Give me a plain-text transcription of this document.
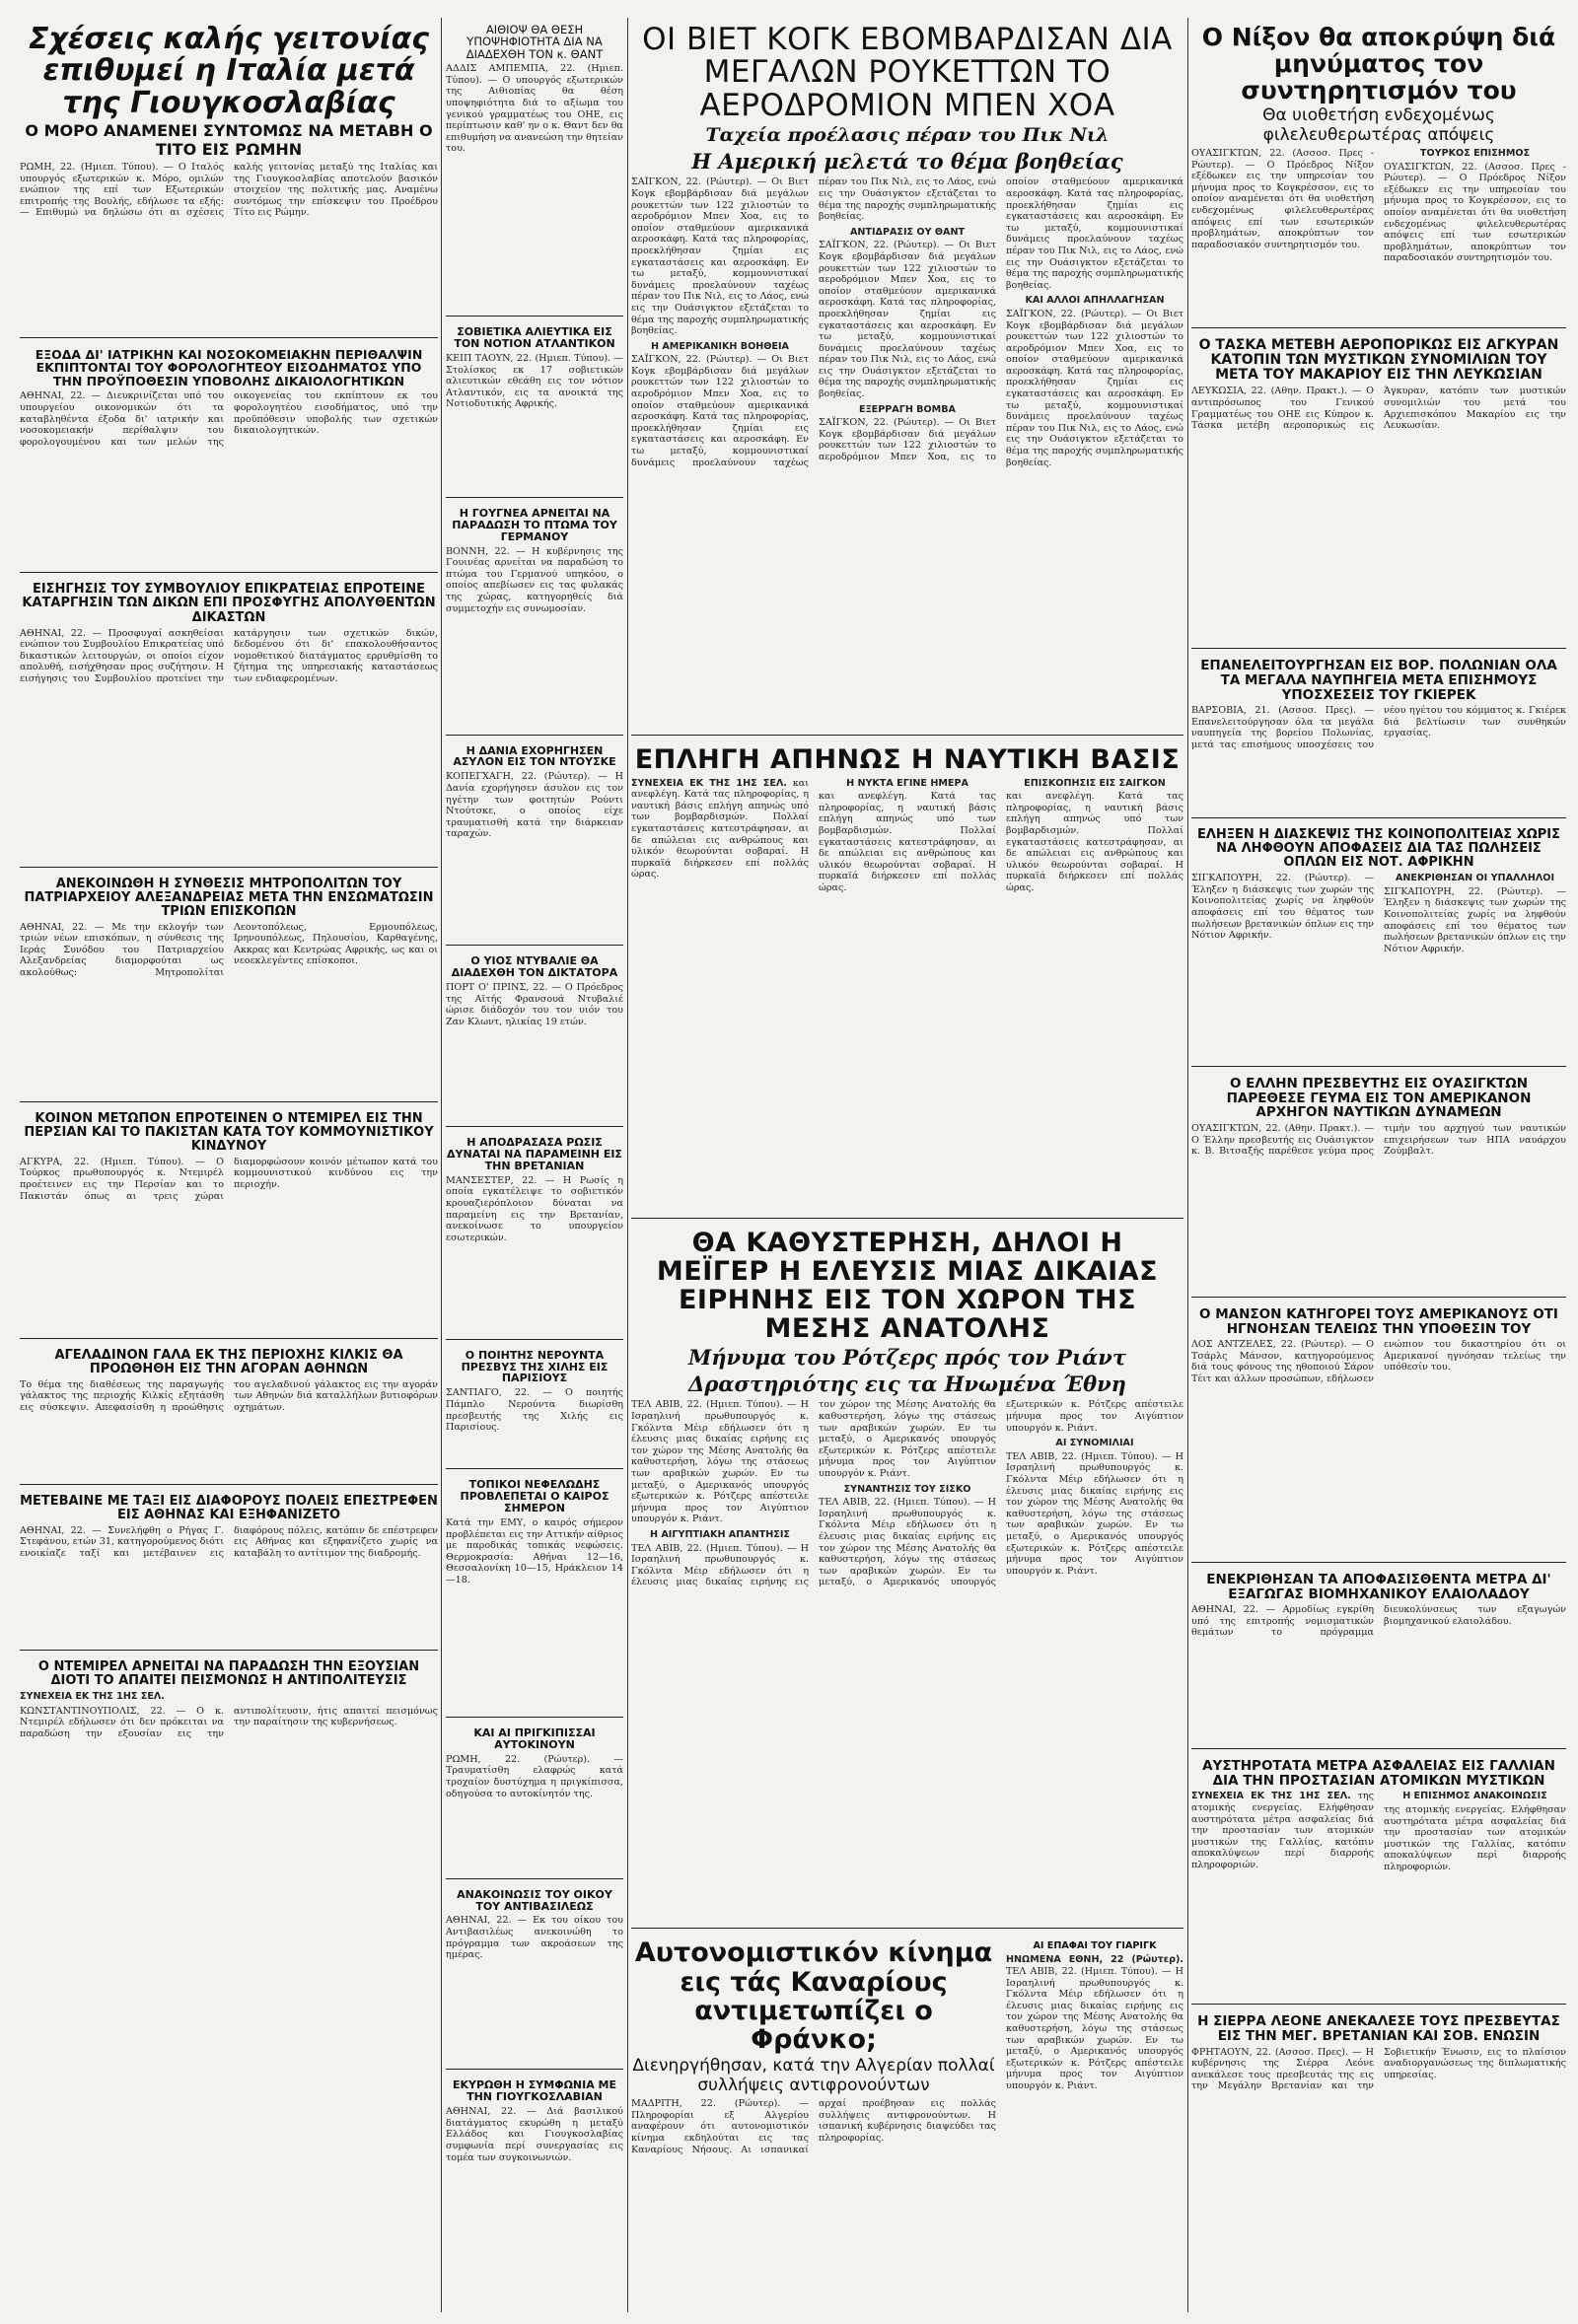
Σχέσεις καλής γειτονίας επιθυμεί η Ιταλία μετά της Γιουγκοσλαβίας
Ο ΜΟΡΟ ΑΝΑΜΕΝΕΙ ΣΥΝΤΟΜΩΣ ΝΑ ΜΕΤΑΒΗ Ο ΤΙΤΟ ΕΙΣ ΡΩΜΗΝ
ΡΩΜΗ, 22. (Ημιεπ. Τύπου). — Ο Ιταλός υπουργός εξωτερικών κ. Μόρο, ομιλών ενώπιον της επί των Εξωτερικών επιτροπής της Βουλής, εδήλωσε τα εξής: — Επιθυμώ να δηλώσω ότι αι σχέσεις καλής γειτονίας μεταξύ της Ιταλίας και της Γιουγκοσλαβίας αποτελούν βασικόν στοιχείον της πολιτικής μας. Αναμένω συντόμως την επίσκεψιν του Προέδρου Τίτο εις Ρώμην.
ΕΞΟΔΑ ΔΙ' ΙΑΤΡΙΚΗΝ ΚΑΙ ΝΟΣΟΚΟΜΕΙΑΚΗΝ ΠΕΡΙΘΑΛΨΙΝ ΕΚΠΙΠΤΟΝΤΑΙ ΤΟΥ ΦΟΡΟΛΟΓΗΤΕΟΥ ΕΙΣΟΔΗΜΑΤΟΣ ΥΠΟ ΤΗΝ ΠΡΟΫΠΟΘΕΣΙΝ ΥΠΟΒΟΛΗΣ ΔΙΚΑΙΟΛΟΓΗΤΙΚΩΝ
ΑΘΗΝΑΙ, 22. — Διευκρινίζεται υπό του υπουργείου οικονομικών ότι τα καταβληθέντα έξοδα δι' ιατρικήν και νοσοκομειακήν περίθαλψιν του φορολογουμένου και των μελών της οικογενείας του εκπίπτουν εκ του φορολογητέου εισοδήματος, υπό την προϋπόθεσιν υποβολής των σχετικών δικαιολογητικών.
ΕΙΣΗΓΗΣΙΣ ΤΟΥ ΣΥΜΒΟΥΛΙΟΥ ΕΠΙΚΡΑΤΕΙΑΣ ΕΠΡΟΤΕΙΝΕ ΚΑΤΑΡΓΗΣΙΝ ΤΩΝ ΔΙΚΩΝ ΕΠΙ ΠΡΟΣΦΥΓΗΣ ΑΠΟΛΥΘΕΝΤΩΝ ΔΙΚΑΣΤΩΝ
ΑΘΗΝΑΙ, 22. — Προσφυγαί ασκηθείσαι ενώπιον του Συμβουλίου Επικρατείας υπό δικαστικών λειτουργών, οι οποίοι είχον απολυθή, εισήχθησαν προς συζήτησιν. Η εισήγησις του Συμβουλίου προτείνει την κατάργησιν των σχετικών δικών, δεδομένου ότι δι' επακολουθήσαντος νομοθετικού διατάγματος ερρυθμίσθη το ζήτημα της υπηρεσιακής καταστάσεως των ενδιαφερομένων.
ΑΝΕΚΟΙΝΩΘΗ Η ΣΥΝΘΕΣΙΣ ΜΗΤΡΟΠΟΛΙΤΩΝ ΤΟΥ ΠΑΤΡΙΑΡΧΕΙΟΥ ΑΛΕΞΑΝΔΡΕΙΑΣ ΜΕΤΑ ΤΗΝ ΕΝΣΩΜΑΤΩΣΙΝ ΤΡΙΩΝ ΕΠΙΣΚΟΠΩΝ
ΑΘΗΝΑΙ, 22. — Με την εκλογήν των τριών νέων επισκόπων, η σύνθεσις της Ιεράς Συνόδου του Πατριαρχείου Αλεξανδρείας διαμορφούται ως ακολούθως: Μητροπολίται Λεοντοπόλεως, Ερμουπόλεως, Ιρηνουπόλεως, Πηλουσίου, Καρθαγένης, Ακκρας και Κεντρώας Αφρικής, ως και οι νεοεκλεγέντες επίσκοποι.
ΚΟΙΝΟΝ ΜΕΤΩΠΟΝ ΕΠΡΟΤΕΙΝΕΝ Ο ΝΤΕΜΙΡΕΛ ΕΙΣ ΤΗΝ ΠΕΡΣΙΑΝ ΚΑΙ ΤΟ ΠΑΚΙΣΤΑΝ ΚΑΤΑ ΤΟΥ ΚΟΜΜΟΥΝΙΣΤΙΚΟΥ ΚΙΝΔΥΝΟΥ
ΑΓΚΥΡΑ, 22. (Ημιεπ. Τύπου). — Ο Τούρκος πρωθυπουργός κ. Ντεμιρέλ προέτεινεν εις την Περσίαν και το Πακιστάν όπως αι τρεις χώραι διαμορφώσουν κοινόν μέτωπον κατά του κομμουνιστικού κινδύνου εις την περιοχήν.
ΑΓΕΛΑΔΙΝΟΝ ΓΑΛΑ ΕΚ ΤΗΣ ΠΕΡΙΟΧΗΣ ΚΙΛΚΙΣ ΘΑ ΠΡΟΩΘΗΘΗ ΕΙΣ ΤΗΝ ΑΓΟΡΑΝ ΑΘΗΝΩΝ
Το θέμα της διαθέσεως της παραγωγής γάλακτος της περιοχής Κιλκίς εξητάσθη εις σύσκεψιν. Απεφασίσθη η προώθησις του αγελαδινού γάλακτος εις την αγοράν των Αθηνών διά καταλλήλων βυτιοφόρων οχημάτων.
ΜΕΤΕΒΑΙΝΕ ΜΕ ΤΑΞΙ ΕΙΣ ΔΙΑΦΟΡΟΥΣ ΠΟΛΕΙΣ ΕΠΕΣΤΡΕΦΕΝ ΕΙΣ ΑΘΗΝΑΣ ΚΑΙ ΕΞΗΦΑΝΙΖΕΤΟ
ΑΘΗΝΑΙ, 22. — Συνελήφθη ο Ρήγας Γ. Στεφάνου, ετών 31, κατηγορούμενος διότι ενοικίαζε ταξί και μετέβαινεν εις διαφόρους πόλεις, κατόπιν δε επέστρεφεν εις Αθήνας και εξηφανίζετο χωρίς να καταβάλη το αντίτιμον της διαδρομής.
Ο ΝΤΕΜΙΡΕΛ ΑΡΝΕΙΤΑΙ ΝΑ ΠΑΡΑΔΩΣΗ ΤΗΝ ΕΞΟΥΣΙΑΝ ΔΙΟΤΙ ΤΟ ΑΠΑΙΤΕΙ ΠΕΙΣΜΟΝΩΣ Η ΑΝΤΙΠΟΛΙΤΕΥΣΙΣ
ΣΥΝΕΧΕΙΑ ΕΚ ΤΗΣ 1ΗΣ ΣΕΛ.
ΚΩΝΣΤΑΝΤΙΝΟΥΠΟΛΙΣ, 22. — Ο κ. Ντεμιρέλ εδήλωσεν ότι δεν πρόκειται να παραδώση την εξουσίαν εις την αντιπολίτευσιν, ήτις απαιτεί πεισμόνως την παραίτησιν της κυβερνήσεως.
ΑΙΘΙΟΨ ΘΑ ΘΕΣΗ ΥΠΟΨΗΦΙΟΤΗΤΑ ΔΙΑ ΝΑ ΔΙΑΔΕΧΘΗ ΤΟΝ κ. ΘΑΝΤ
ΑΔΔΙΣ ΑΜΠΕΜΠΑ, 22. (Ημιεπ. Τύπου). — Ο υπουργός εξωτερικών της Αιθιοπίας θα θέση υποψηφιότητα διά το αξίωμα του γενικού γραμματέως του ΟΗΕ, εις περίπτωσιν καθ' ην ο κ. Θαντ δεν θα επιθυμήση να ανανεώση την θητείαν του.
ΣΟΒΙΕΤΙΚΑ ΑΛΙΕΥΤΙΚΑ ΕΙΣ ΤΟΝ ΝΟΤΙΟΝ ΑΤΛΑΝΤΙΚΟΝ
ΚΕΙΠ ΤΑΟΥΝ, 22. (Ημιεπ. Τύπου). — Στολίσκος εκ 17 σοβιετικών αλιευτικών εθεάθη εις τον νότιον Ατλαντικόν, εις τα ανοικτά της Νοτιοδυτικής Αφρικής.
Η ΓΟΥΓΝΕΑ ΑΡΝΕΙΤΑΙ ΝΑ ΠΑΡΑΔΩΣΗ ΤΟ ΠΤΩΜΑ ΤΟΥ ΓΕΡΜΑΝΟΥ
ΒΟΝΝΗ, 22. — Η κυβέρνησις της Γουινέας αρνείται να παραδώση το πτώμα του Γερμανού υπηκόου, ο οποίος απεβίωσεν εις τας φυλακάς της χώρας, κατηγορηθείς διά συμμετοχήν εις συνωμοσίαν.
Η ΔΑΝΙΑ ΕΧΟΡΗΓΗΣΕΝ ΑΣΥΛΟΝ ΕΙΣ ΤΟΝ ΝΤΟΥΣΚΕ
ΚΟΠΕΓΧΑΓΗ, 22. (Ρώυτερ). — Η Δανία εχορήγησεν άσυλον εις τον ηγέτην των φοιτητών Ρούντι Ντούτσκε, ο οποίος είχε τραυματισθή κατά την διάρκειαν ταραχών.
Ο ΥΙΟΣ ΝΤΥΒΑΛΙΕ ΘΑ ΔΙΑΔΕΧΘΗ ΤΟΝ ΔΙΚΤΑΤΟΡΑ
ΠΟΡΤ Ο' ΠΡΙΝΣ, 22. — Ο Πρόεδρος της Αϊτής Φρανσουά Ντυβαλιέ ώρισε διάδοχόν του τον υιόν του Ζαν Κλωντ, ηλικίας 19 ετών.
Η ΑΠΟΔΡΑΣΑΣΑ ΡΩΣΙΣ ΔΥΝΑΤΑΙ ΝΑ ΠΑΡΑΜΕΙΝΗ ΕΙΣ ΤΗΝ ΒΡΕΤΑΝΙΑΝ
ΜΑΝΣΕΣΤΕΡ, 22. — Η Ρωσίς η οποία εγκατέλειψε το σοβιετικόν κρουαζιερόπλοιον δύναται να παραμείνη εις την Βρετανίαν, ανεκοίνωσε το υπουργείον εσωτερικών.
Ο ΠΟΙΗΤΗΣ ΝΕΡΟΥΝΤΑ ΠΡΕΣΒΥΣ ΤΗΣ ΧΙΛΗΣ ΕΙΣ ΠΑΡΙΣΙΟΥΣ
ΣΑΝΤΙΑΓΟ, 22. — Ο ποιητής Πάμπλο Νερούντα διωρίσθη πρεσβευτής της Χιλής εις Παρισίους.
ΤΟΠΙΚΟΙ ΝΕΦΕΛΩΔΗΣ ΠΡΟΒΛΕΠΕΤΑΙ Ο ΚΑΙΡΟΣ ΣΗΜΕΡΟΝ
Κατά την ΕΜΥ, ο καιρός σήμερον προβλέπεται εις την Αττικήν αίθριος με παροδικάς τοπικάς νεφώσεις. Θερμοκρασία: Αθήναι 12—16, Θεσσαλονίκη 10—15, Ηράκλειον 14—18.
ΚΑΙ ΑΙ ΠΡΙΓΚΙΠΙΣΣΑΙ ΑΥΤΟΚΙΝΟΥΝ
ΡΩΜΗ, 22. (Ρώυτερ). — Τραυματίσθη ελαφρώς κατά τροχαίον δυστύχημα η πριγκίπισσα, οδηγούσα το αυτοκίνητόν της.
ΑΝΑΚΟΙΝΩΣΙΣ ΤΟΥ ΟΙΚΟΥ ΤΟΥ ΑΝΤΙΒΑΣΙΛΕΩΣ
ΑΘΗΝΑΙ, 22. — Εκ του οίκου του Αντιβασιλέως ανεκοινώθη το πρόγραμμα των ακροάσεων της ημέρας.
ΕΚΥΡΩΘΗ Η ΣΥΜΦΩΝΙΑ ΜΕ ΤΗΝ ΓΙΟΥΓΚΟΣΛΑΒΙΑΝ
ΑΘΗΝΑΙ, 22. — Διά βασιλικού διατάγματος εκυρώθη η μεταξύ Ελλάδος και Γιουγκοσλαβίας συμφωνία περί συνεργασίας εις τομέα των συγκοινωνιών.
ΟΙ ΒΙΕΤ ΚΟΓΚ ΕΒΟΜΒΑΡΔΙΣΑΝ ΔΙΑ ΜΕΓΑΛΩΝ ΡΟΥΚΕΤΤΩΝ ΤΟ ΑΕΡΟΔΡΟΜΙΟΝ ΜΠΕΝ ΧΟΑ
Ταχεία προέλασις πέραν του Πικ Νιλ
Η Αμερική μελετά το θέμα βοηθείας
ΣΑΪΓΚΟΝ, 22. (Ρώυτερ). — Οι Βιετ Κογκ εβομβάρδισαν διά μεγάλων ρουκεττών των 122 χιλιοστών το αεροδρόμιον Μπεν Χοα, εις το οποίον σταθμεύουν αμερικανικά αεροσκάφη. Κατά τας πληροφορίας, προεκλήθησαν ζημίαι εις εγκαταστάσεις και αεροσκάφη. Εν τω μεταξύ, κομμουνιστικαί δυνάμεις προελαύνουν ταχέως πέραν του Πικ Νιλ, εις το Λάος, ενώ εις την Ουάσιγκτον εξετάζεται το θέμα της παροχής συμπληρωματικής βοηθείας.
Η ΑΜΕΡΙΚΑΝΙΚΗ ΒΟΗΘΕΙΑ
ΣΑΪΓΚΟΝ, 22. (Ρώυτερ). — Οι Βιετ Κογκ εβομβάρδισαν διά μεγάλων ρουκεττών των 122 χιλιοστών το αεροδρόμιον Μπεν Χοα, εις το οποίον σταθμεύουν αμερικανικά αεροσκάφη. Κατά τας πληροφορίας, προεκλήθησαν ζημίαι εις εγκαταστάσεις και αεροσκάφη. Εν τω μεταξύ, κομμουνιστικαί δυνάμεις προελαύνουν ταχέως πέραν του Πικ Νιλ, εις το Λάος, ενώ εις την Ουάσιγκτον εξετάζεται το θέμα της παροχής συμπληρωματικής βοηθείας.
ΑΝΤΙΔΡΑΣΙΣ ΟΥ ΘΑΝΤ
ΣΑΪΓΚΟΝ, 22. (Ρώυτερ). — Οι Βιετ Κογκ εβομβάρδισαν διά μεγάλων ρουκεττών των 122 χιλιοστών το αεροδρόμιον Μπεν Χοα, εις το οποίον σταθμεύουν αμερικανικά αεροσκάφη. Κατά τας πληροφορίας, προεκλήθησαν ζημίαι εις εγκαταστάσεις και αεροσκάφη. Εν τω μεταξύ, κομμουνιστικαί δυνάμεις προελαύνουν ταχέως πέραν του Πικ Νιλ, εις το Λάος, ενώ εις την Ουάσιγκτον εξετάζεται το θέμα της παροχής συμπληρωματικής βοηθείας.
ΕΞΕΡΡΑΓΗ ΒΟΜΒΑ
ΣΑΪΓΚΟΝ, 22. (Ρώυτερ). — Οι Βιετ Κογκ εβομβάρδισαν διά μεγάλων ρουκεττών των 122 χιλιοστών το αεροδρόμιον Μπεν Χοα, εις το οποίον σταθμεύουν αμερικανικά αεροσκάφη. Κατά τας πληροφορίας, προεκλήθησαν ζημίαι εις εγκαταστάσεις και αεροσκάφη. Εν τω μεταξύ, κομμουνιστικαί δυνάμεις προελαύνουν ταχέως πέραν του Πικ Νιλ, εις το Λάος, ενώ εις την Ουάσιγκτον εξετάζεται το θέμα της παροχής συμπληρωματικής βοηθείας.
ΚΑΙ ΑΛΛΟΙ ΑΠΗΛΛΑΓΗΣΑΝ
ΣΑΪΓΚΟΝ, 22. (Ρώυτερ). — Οι Βιετ Κογκ εβομβάρδισαν διά μεγάλων ρουκεττών των 122 χιλιοστών το αεροδρόμιον Μπεν Χοα, εις το οποίον σταθμεύουν αμερικανικά αεροσκάφη. Κατά τας πληροφορίας, προεκλήθησαν ζημίαι εις εγκαταστάσεις και αεροσκάφη. Εν τω μεταξύ, κομμουνιστικαί δυνάμεις προελαύνουν ταχέως πέραν του Πικ Νιλ, εις το Λάος, ενώ εις την Ουάσιγκτον εξετάζεται το θέμα της παροχής συμπληρωματικής βοηθείας.
ΕΠΛΗΓΗ ΑΠΗΝΩΣ Η ΝΑΥΤΙΚΗ ΒΑΣΙΣ
ΣΥΝΕΧΕΙΑ ΕΚ ΤΗΣ 1ΗΣ ΣΕΛ. και ανεφλέγη. Κατά τας πληροφορίας, η ναυτική βάσις επλήγη απηνώς υπό των βομβαρδισμών. Πολλαί εγκαταστάσεις κατεστράφησαν, αι δε απώλειαι εις ανθρώπους και υλικόν θεωρούνται σοβαραί. Η πυρκαϊά διήρκεσεν επί πολλάς ώρας.
Η ΝΥΚΤΑ ΕΓΙΝΕ ΗΜΕΡΑ
και ανεφλέγη. Κατά τας πληροφορίας, η ναυτική βάσις επλήγη απηνώς υπό των βομβαρδισμών. Πολλαί εγκαταστάσεις κατεστράφησαν, αι δε απώλειαι εις ανθρώπους και υλικόν θεωρούνται σοβαραί. Η πυρκαϊά διήρκεσεν επί πολλάς ώρας.
ΕΠΙΣΚΟΠΗΣΙΣ ΕΙΣ ΣΑΪΓΚΟΝ
και ανεφλέγη. Κατά τας πληροφορίας, η ναυτική βάσις επλήγη απηνώς υπό των βομβαρδισμών. Πολλαί εγκαταστάσεις κατεστράφησαν, αι δε απώλειαι εις ανθρώπους και υλικόν θεωρούνται σοβαραί. Η πυρκαϊά διήρκεσεν επί πολλάς ώρας.
ΘΑ ΚΑΘΥΣΤΕΡΗΣΗ, ΔΗΛΟΙ Η ΜΕΪΓΕΡ Η ΕΛΕΥΣΙΣ ΜΙΑΣ ΔΙΚΑΙΑΣ ΕΙΡΗΝΗΣ ΕΙΣ ΤΟΝ ΧΩΡΟΝ ΤΗΣ ΜΕΣΗΣ ΑΝΑΤΟΛΗΣ
Μήνυμα του Ρότζερς πρός τον Ριάντ
Δραστηριότης εις τα Ηνωμένα Έθνη
ΤΕΛ ΑΒΙΒ, 22. (Ημιεπ. Τύπου). — Η Ισραηλινή πρωθυπουργός κ. Γκόλντα Μέιρ εδήλωσεν ότι η έλευσις μιας δικαίας ειρήνης εις τον χώρον της Μέσης Ανατολής θα καθυστερήση, λόγω της στάσεως των αραβικών χωρών. Εν τω μεταξύ, ο Αμερικανός υπουργός εξωτερικών κ. Ρότζερς απέστειλε μήνυμα προς τον Αιγύπτιον υπουργόν κ. Ριάντ.
Η ΑΙΓΥΠΤΙΑΚΗ ΑΠΑΝΤΗΣΙΣ
ΤΕΛ ΑΒΙΒ, 22. (Ημιεπ. Τύπου). — Η Ισραηλινή πρωθυπουργός κ. Γκόλντα Μέιρ εδήλωσεν ότι η έλευσις μιας δικαίας ειρήνης εις τον χώρον της Μέσης Ανατολής θα καθυστερήση, λόγω της στάσεως των αραβικών χωρών. Εν τω μεταξύ, ο Αμερικανός υπουργός εξωτερικών κ. Ρότζερς απέστειλε μήνυμα προς τον Αιγύπτιον υπουργόν κ. Ριάντ.
ΣΥΝΑΝΤΗΣΙΣ ΤΟΥ ΣΙΣΚΟ
ΤΕΛ ΑΒΙΒ, 22. (Ημιεπ. Τύπου). — Η Ισραηλινή πρωθυπουργός κ. Γκόλντα Μέιρ εδήλωσεν ότι η έλευσις μιας δικαίας ειρήνης εις τον χώρον της Μέσης Ανατολής θα καθυστερήση, λόγω της στάσεως των αραβικών χωρών. Εν τω μεταξύ, ο Αμερικανός υπουργός εξωτερικών κ. Ρότζερς απέστειλε μήνυμα προς τον Αιγύπτιον υπουργόν κ. Ριάντ.
ΑΙ ΣΥΝΟΜΙΛΙΑΙ
ΤΕΛ ΑΒΙΒ, 22. (Ημιεπ. Τύπου). — Η Ισραηλινή πρωθυπουργός κ. Γκόλντα Μέιρ εδήλωσεν ότι η έλευσις μιας δικαίας ειρήνης εις τον χώρον της Μέσης Ανατολής θα καθυστερήση, λόγω της στάσεως των αραβικών χωρών. Εν τω μεταξύ, ο Αμερικανός υπουργός εξωτερικών κ. Ρότζερς απέστειλε μήνυμα προς τον Αιγύπτιον υπουργόν κ. Ριάντ.
Αυτονομιστικόν κίνημα εις τάς Καναρίους αντιμετωπίζει ο Φράνκο;
Διενηργήθησαν, κατά την Αλγερίαν πολλαί συλλήψεις αντιφρονούντων
ΜΑΔΡΙΤΗ, 22. (Ρώυτερ). — Πληροφορίαι εξ Αλγερίου αναφέρουν ότι αυτονομιστικόν κίνημα εκδηλούται εις τας Καναρίους Νήσους. Αι ισπανικαί αρχαί προέβησαν εις πολλάς συλλήψεις αντιφρονούντων. Η ισπανική κυβέρνησις διαψεύδει τας πληροφορίας.
ΑΙ ΕΠΑΦΑΙ ΤΟΥ ΓΙΑΡΙΓΚ
ΗΝΩΜΕΝΑ ΕΘΝΗ, 22 (Ρώυτερ). ΤΕΛ ΑΒΙΒ, 22. (Ημιεπ. Τύπου). — Η Ισραηλινή πρωθυπουργός κ. Γκόλντα Μέιρ εδήλωσεν ότι η έλευσις μιας δικαίας ειρήνης εις τον χώρον της Μέσης Ανατολής θα καθυστερήση, λόγω της στάσεως των αραβικών χωρών. Εν τω μεταξύ, ο Αμερικανός υπουργός εξωτερικών κ. Ρότζερς απέστειλε μήνυμα προς τον Αιγύπτιον υπουργόν κ. Ριάντ.
Ο Νίξον θα αποκρύψη διά μηνύματος τον συντηρητισμόν του
Θα υιοθετήση ενδεχομένως φιλελευθερωτέρας απόψεις
ΟΥΑΣΙΓΚΤΩΝ, 22. (Ασσοσ. Πρες - Ρώυτερ). — Ο Πρόεδρος Νίξον εξέδωκεν εις την υπηρεσίαν του μήνυμα προς το Κογκρέσσον, εις το οποίον αναμένεται ότι θα υιοθετήση ενδεχομένως φιλελευθερωτέρας απόψεις επί των εσωτερικών προβλημάτων, αποκρύπτων τον παραδοσιακόν συντηρητισμόν του.
ΤΟΥΡΚΟΣ ΕΠΙΣΗΜΟΣ
ΟΥΑΣΙΓΚΤΩΝ, 22. (Ασσοσ. Πρες - Ρώυτερ). — Ο Πρόεδρος Νίξον εξέδωκεν εις την υπηρεσίαν του μήνυμα προς το Κογκρέσσον, εις το οποίον αναμένεται ότι θα υιοθετήση ενδεχομένως φιλελευθερωτέρας απόψεις επί των εσωτερικών προβλημάτων, αποκρύπτων τον παραδοσιακόν συντηρητισμόν του.
Ο ΤΑΣΚΑ ΜΕΤΕΒΗ ΑΕΡΟΠΟΡΙΚΩΣ ΕΙΣ ΑΓΚΥΡΑΝ ΚΑΤΟΠΙΝ ΤΩΝ ΜΥΣΤΙΚΩΝ ΣΥΝΟΜΙΛΙΩΝ ΤΟΥ ΜΕΤΑ ΤΟΥ ΜΑΚΑΡΙΟΥ ΕΙΣ ΤΗΝ ΛΕΥΚΩΣΙΑΝ
ΛΕΥΚΩΣΙΑ, 22. (Αθην. Πρακτ.). — Ο αντιπρόσωπος του Γενικού Γραμματέως του ΟΗΕ εις Κύπρον κ. Τάσκα μετέβη αεροπορικώς εις Άγκυραν, κατόπιν των μυστικών συνομιλιών του μετά του Αρχιεπισκόπου Μακαρίου εις την Λευκωσίαν.
ΕΠΑΝΕΛΕΙΤΟΥΡΓΗΣΑΝ ΕΙΣ ΒΟΡ. ΠΟΛΩΝΙΑΝ ΟΛΑ ΤΑ ΜΕΓΑΛΑ ΝΑΥΠΗΓΕΙΑ ΜΕΤΑ ΕΠΙΣΗΜΟΥΣ ΥΠΟΣΧΕΣΕΙΣ ΤΟΥ ΓΚΙΕΡΕΚ
ΒΑΡΣΟΒΙΑ, 21. (Ασσοσ. Πρες). — Επανελειτούργησαν όλα τα μεγάλα ναυπηγεία της βορείου Πολωνίας, μετά τας επισήμους υποσχέσεις του νέου ηγέτου του κόμματος κ. Γκιέρεκ διά βελτίωσιν των συνθηκών εργασίας.
ΕΛΗΞΕΝ Η ΔΙΑΣΚΕΨΙΣ ΤΗΣ ΚΟΙΝΟΠΟΛΙΤΕΙΑΣ ΧΩΡΙΣ ΝΑ ΛΗΦΘΟΥΝ ΑΠΟΦΑΣΕΙΣ ΔΙΑ ΤΑΣ ΠΩΛΗΣΕΙΣ ΟΠΛΩΝ ΕΙΣ ΝΟΤ. ΑΦΡΙΚΗΝ
ΣΙΓΚΑΠΟΥΡΗ, 22. (Ρώυτερ). — Έληξεν η διάσκεψις των χωρών της Κοινοπολιτείας χωρίς να ληφθούν αποφάσεις επί του θέματος των πωλήσεων βρετανικών όπλων εις την Νότιον Αφρικήν.
ΑΝΕΚΡΙΘΗΣΑΝ ΟΙ ΥΠΑΛΛΗΛΟΙ
ΣΙΓΚΑΠΟΥΡΗ, 22. (Ρώυτερ). — Έληξεν η διάσκεψις των χωρών της Κοινοπολιτείας χωρίς να ληφθούν αποφάσεις επί του θέματος των πωλήσεων βρετανικών όπλων εις την Νότιον Αφρικήν.
Ο ΕΛΛΗΝ ΠΡΕΣΒΕΥΤΗΣ ΕΙΣ ΟΥΑΣΙΓΚΤΩΝ ΠΑΡΕΘΕΣΕ ΓΕΥΜΑ ΕΙΣ ΤΟΝ ΑΜΕΡΙΚΑΝΟΝ ΑΡΧΗΓΟΝ ΝΑΥΤΙΚΩΝ ΔΥΝΑΜΕΩΝ
ΟΥΑΣΙΓΚΤΩΝ, 22. (Αθην. Πρακτ.). — Ο Έλλην πρεσβευτής εις Ουάσιγκτον κ. Β. Βιτσαξής παρέθεσε γεύμα προς τιμήν του αρχηγού των ναυτικών επιχειρήσεων των ΗΠΑ ναυάρχου Ζούμβαλτ.
Ο ΜΑΝΣΟΝ ΚΑΤΗΓΟΡΕΙ ΤΟΥΣ ΑΜΕΡΙΚΑΝΟΥΣ ΟΤΙ ΗΓΝΟΗΣΑΝ ΤΕΛΕΙΩΣ ΤΗΝ ΥΠΟΘΕΣΙΝ ΤΟΥ
ΛΟΣ ΑΝΤΖΕΛΕΣ, 22. (Ρώυτερ). — Ο Τσάρλς Μάνσον, κατηγορούμενος διά τους φόνους της ηθοποιού Σάρον Τέιτ και άλλων προσώπων, εδήλωσεν ενώπιον του δικαστηρίου ότι οι Αμερικανοί ηγνόησαν τελείως την υπόθεσίν του.
ΕΝΕΚΡΙΘΗΣΑΝ ΤΑ ΑΠΟΦΑΣΙΣΘΕΝΤΑ ΜΕΤΡΑ ΔΙ' ΕΞΑΓΩΓΑΣ ΒΙΟΜΗΧΑΝΙΚΟΥ ΕΛΑΙΟΛΑΔΟΥ
ΑΘΗΝΑΙ, 22. — Αρμοδίως εγκρίθη υπό της επιτροπής νομισματικών θεμάτων το πρόγραμμα διευκολύνσεως των εξαγωγών βιομηχανικού ελαιολάδου.
ΑΥΣΤΗΡΟΤΑΤΑ ΜΕΤΡΑ ΑΣΦΑΛΕΙΑΣ ΕΙΣ ΓΑΛΛΙΑΝ ΔΙΑ ΤΗΝ ΠΡΟΣΤΑΣΙΑΝ ΑΤΟΜΙΚΩΝ ΜΥΣΤΙΚΩΝ
ΣΥΝΕΧΕΙΑ ΕΚ ΤΗΣ 1ΗΣ ΣΕΛ. της ατομικής ενεργείας. Ελήφθησαν αυστηρότατα μέτρα ασφαλείας διά την προστασίαν των ατομικών μυστικών της Γαλλίας, κατόπιν αποκαλύψεων περί διαρροής πληροφοριών.
Η ΕΠΙΣΗΜΟΣ ΑΝΑΚΟΙΝΩΣΙΣ
της ατομικής ενεργείας. Ελήφθησαν αυστηρότατα μέτρα ασφαλείας διά την προστασίαν των ατομικών μυστικών της Γαλλίας, κατόπιν αποκαλύψεων περί διαρροής πληροφοριών.
Η ΣΙΕΡΡΑ ΛΕΟΝΕ ΑΝΕΚΑΛΕΣΕ ΤΟΥΣ ΠΡΕΣΒΕΥΤΑΣ ΕΙΣ ΤΗΝ ΜΕΓ. ΒΡΕΤΑΝΙΑΝ ΚΑΙ ΣΟΒ. ΕΝΩΣΙΝ
ΦΡΗΤΑΟΥΝ, 22. (Ασσοσ. Πρες). — Η κυβέρνησις της Σιέρρα Λεόνε ανεκάλεσε τους πρεσβευτάς της εις την Μεγάλην Βρετανίαν και την Σοβιετικήν Ένωσιν, εις το πλαίσιον αναδιοργανώσεως της διπλωματικής υπηρεσίας.
